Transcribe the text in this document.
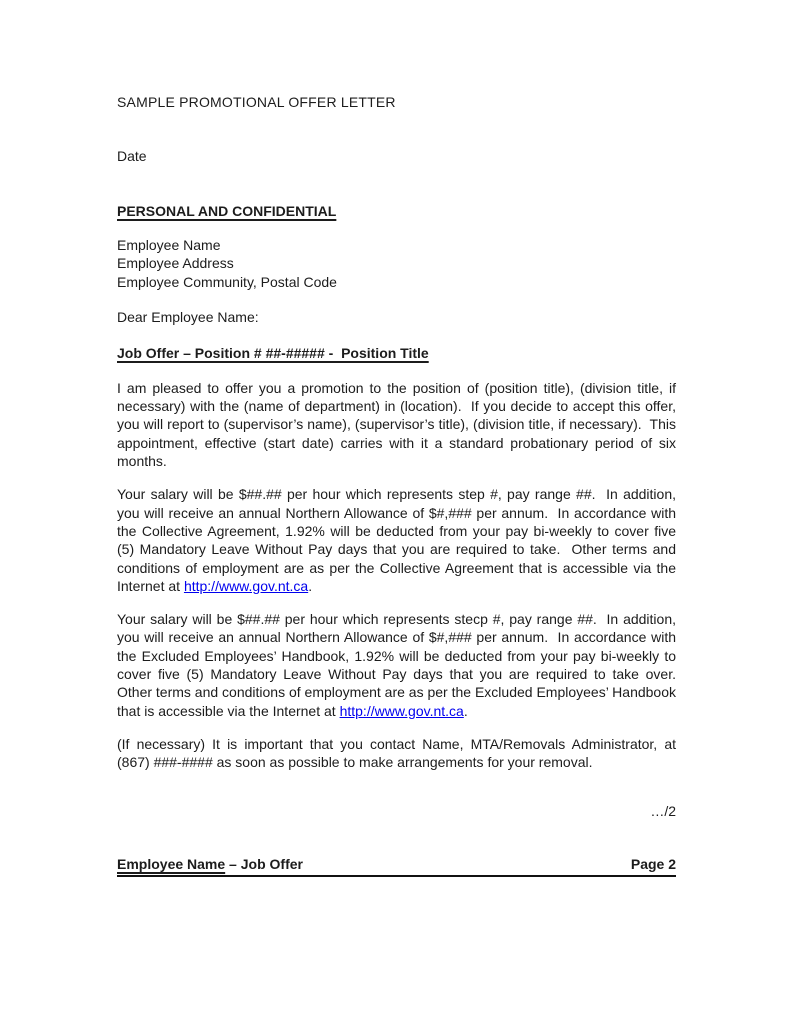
SAMPLE PROMOTIONAL OFFER LETTER
Date
PERSONAL AND CONFIDENTIAL
Employee Name
Employee Address
Employee Community, Postal Code
Dear Employee Name:
Job Offer – Position # ##-##### -  Position Title

I am pleased to offer you a promotion to the position of (position title), (division title, if necessary) with the (name of department) in (location).  If you decide to accept this offer, you will report to (supervisor’s name), (supervisor’s title), (division title, if necessary).  This appointment, effective (start date) carries with it a standard probationary period of six months.

Your salary will be $##.## per hour which represents step #, pay range ##.  In addition, you will receive an annual Northern Allowance of $#,### per annum.  In accordance with the Collective Agreement, 1.92% will be deducted from your pay bi-weekly to cover five (5) Mandatory Leave Without Pay days that you are required to take.  Other terms and conditions of employment are as per the Collective Agreement that is accessible via the Internet at http://www.gov.nt.ca.

Your salary will be $##.## per hour which represents stecp #, pay range ##.  In addition, you will receive an annual Northern Allowance of $#,### per annum.  In accordance with the Excluded Employees’ Handbook, 1.92% will be deducted from your pay bi-weekly to cover five (5) Mandatory Leave Without Pay days that you are required to take over.   Other terms and conditions of employment are as per the Excluded Employees’ Handbook that is accessible via the Internet at http://www.gov.nt.ca.

(If necessary) It is important that you contact Name, MTA/Removals Administrator, at (867) ###-#### as soon as possible to make arrangements for your removal.

…/2
Employee Name – Job Offer	Page 2
